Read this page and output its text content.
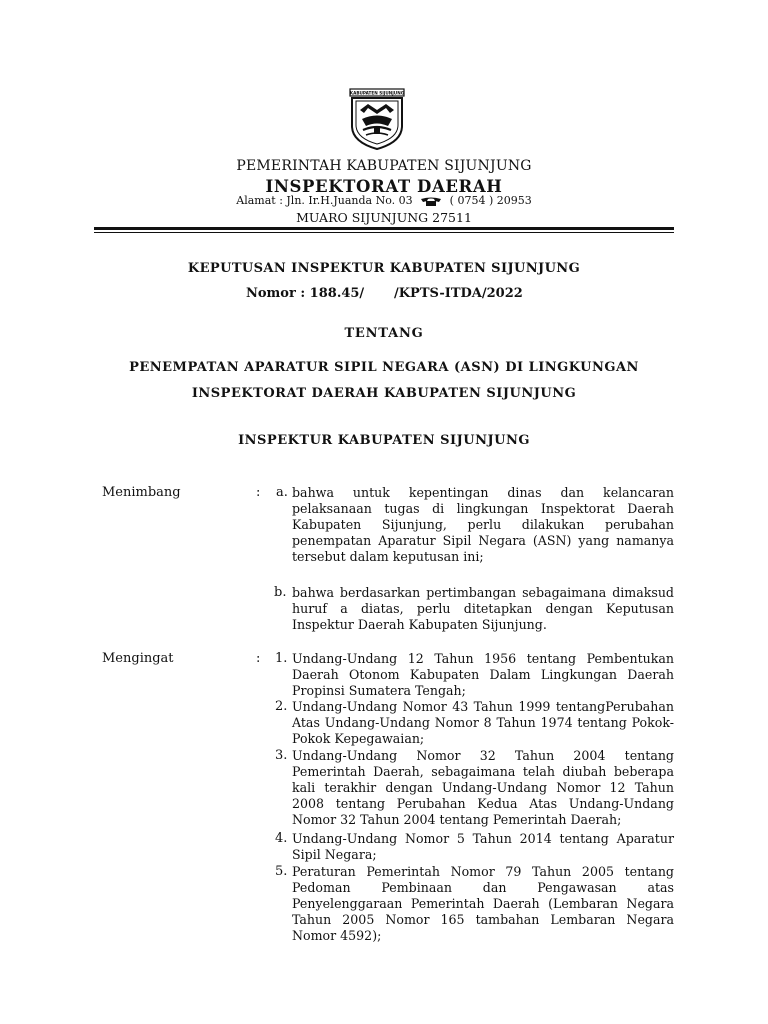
KABUPATEN SIJUNJUNG
PEMERINTAH KABUPATEN SIJUNJUNG
INSPEKTORAT DAERAH
Alamat : Jln. Ir.H.Juanda No. 03	( 0754 ) 20953
MUARO SIJUNJUNG 27511
KEPUTUSAN INSPEKTUR KABUPATEN SIJUNJUNG
Nomor : 188.45/ /KPTS-ITDA/2022
TENTANG
PENEMPATAN APARATUR SIPIL NEGARA (ASN) DI LINGKUNGAN
INSPEKTORAT DAERAH KABUPATEN SIJUNJUNG
INSPEKTUR KABUPATEN SIJUNJUNG
Menimbang	: a. bahwa untuk kepentingan dinas dan kelancaran pelaksanaan tugas di lingkungan Inspektorat Daerah Kabupaten Sijunjung, perlu dilakukan perubahan penempatan Aparatur Sipil Negara (ASN) yang namanya tersebut dalam keputusan ini;
b. bahwa berdasarkan pertimbangan sebagaimana dimaksud huruf a diatas, perlu ditetapkan dengan Keputusan Inspektur Daerah Kabupaten Sijunjung.
Mengingat	: 1. Undang-Undang 12 Tahun 1956 tentang Pembentukan Daerah Otonom Kabupaten Dalam Lingkungan Daerah Propinsi Sumatera Tengah;
2. Undang-Undang Nomor 43 Tahun 1999 tentangPerubahan Atas Undang-Undang Nomor 8 Tahun 1974 tentang Pokok-Pokok Kepegawaian;
3. Undang-Undang Nomor 32 Tahun 2004 tentang Pemerintah Daerah, sebagaimana telah diubah beberapa kali terakhir dengan Undang-Undang Nomor 12 Tahun 2008 tentang Perubahan Kedua Atas Undang-Undang Nomor 32 Tahun 2004 tentang Pemerintah Daerah;
4. Undang-Undang Nomor 5 Tahun 2014 tentang Aparatur Sipil Negara;
5. Peraturan Pemerintah Nomor 79 Tahun 2005 tentang Pedoman Pembinaan dan Pengawasan atas Penyelenggaraan Pemerintah Daerah (Lembaran Negara Tahun 2005 Nomor 165 tambahan Lembaran Negara Nomor 4592);
